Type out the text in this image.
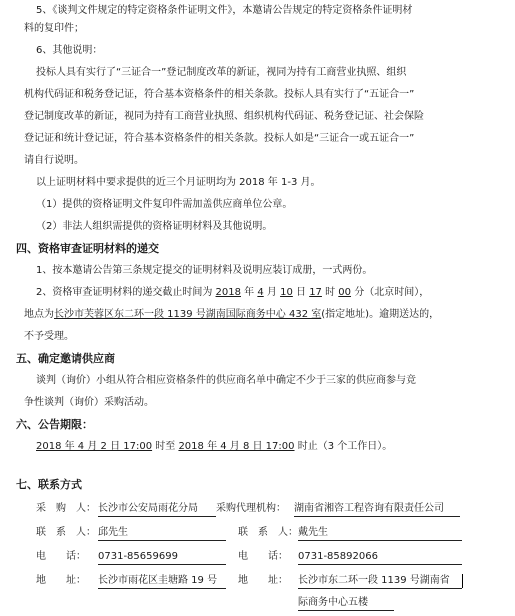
5、《谈判文件规定的特定资格条件证明文件》，本邀请公告规定的特定资格条件证明材
料的复印件；
6、其他说明：
投标人具有实行了“三证合一”登记制度改革的新证，视同为持有工商营业执照、组织
机构代码证和税务登记证，符合基本资格条件的相关条款。投标人具有实行了“五证合一”
登记制度改革的新证，视同为持有工商营业执照、组织机构代码证、税务登记证、社会保险
登记证和统计登记证，符合基本资格条件的相关条款。投标人如是“三证合一或五证合一”
请自行说明。
以上证明材料中要求提供的近三个月证明均为 2018 年 1-3 月。
（1）提供的资格证明文件复印件需加盖供应商单位公章。
（2）非法人组织需提供的资格证明材料及其他说明。
四、资格审查证明材料的递交
1、按本邀请公告第三条规定提交的证明材料及说明应装订成册，一式两份。
2、资格审查证明材料的递交截止时间为 2018 年 4 月 10 日 17 时 00 分（北京时间），
地点为长沙市芙蓉区东二环一段 1139 号湖南国际商务中心 432 室(指定地址)。逾期送达的，
不予受理。
五、确定邀请供应商
谈判（询价）小组从符合相应资格条件的供应商名单中确定不少于三家的供应商参与竞
争性谈判（询价）采购活动。
六、公告期限：
2018 年 4 月 2 日 17:00 时至 2018 年 4 月 8 日 17:00 时止（3 个工作日）。
七、联系方式
采　购　人： 长沙市公安局雨花分局	采购代理机构： 湖南省湘咨工程咨询有限责任公司
联　系　人： 邱先生	联　系　人： 戴先生
电　　话： 0731-85659699	电　　话： 0731-85892066
地　　址： 长沙市雨花区圭塘路 19 号	地　　址： 长沙市东二环一段 1139 号湖南省
际商务中心五楼
